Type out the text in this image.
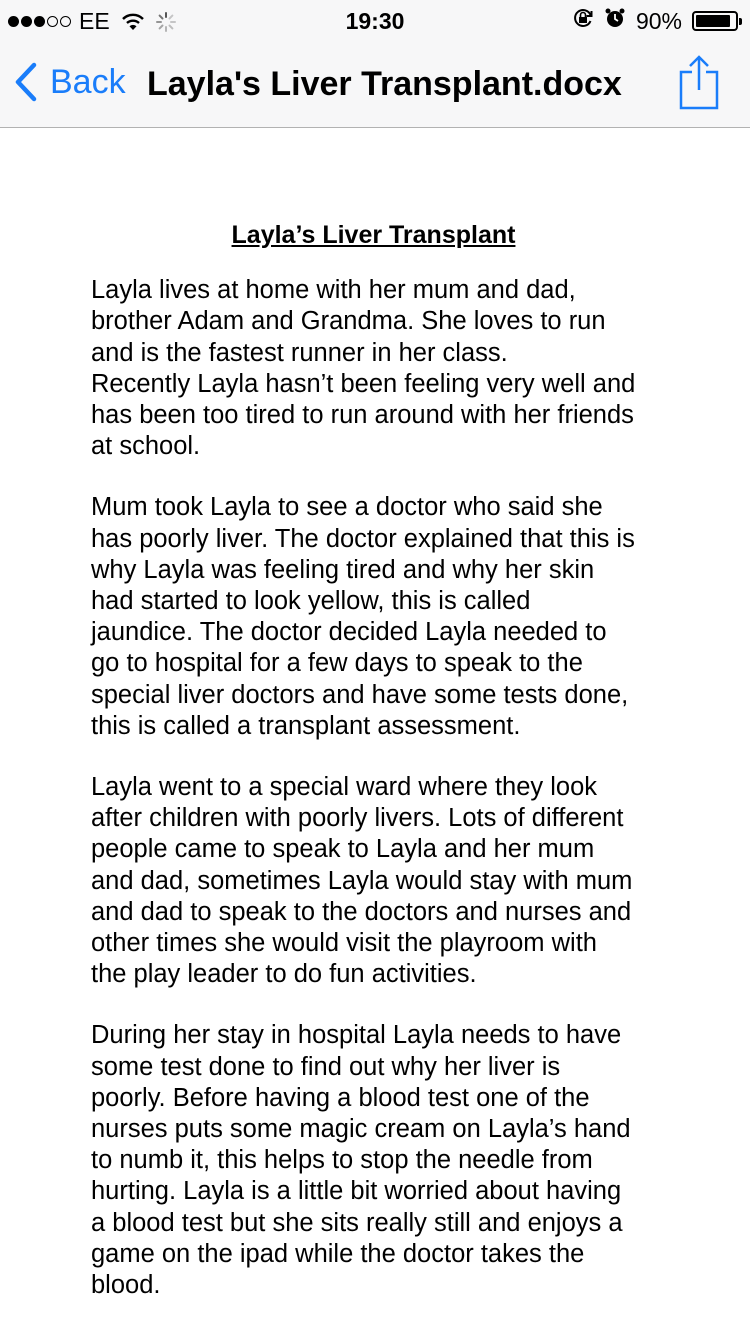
EE	19:30	90%
Back Layla's Liver Transplant.docx
Layla’s Liver Transplant

Layla lives at home with her mum and dad,
brother Adam and Grandma. She loves to run
and is the fastest runner in her class.
Recently Layla hasn’t been feeling very well and
has been too tired to run around with her friends
at school.

Mum took Layla to see a doctor who said she
has poorly liver. The doctor explained that this is
why Layla was feeling tired and why her skin
had started to look yellow, this is called
jaundice. The doctor decided Layla needed to
go to hospital for a few days to speak to the
special liver doctors and have some tests done,
this is called a transplant assessment.

Layla went to a special ward where they look
after children with poorly livers. Lots of different
people came to speak to Layla and her mum
and dad, sometimes Layla would stay with mum
and dad to speak to the doctors and nurses and
other times she would visit the playroom with
the play leader to do fun activities.

During her stay in hospital Layla needs to have
some test done to find out why her liver is
poorly. Before having a blood test one of the
nurses puts some magic cream on Layla’s hand
to numb it, this helps to stop the needle from
hurting. Layla is a little bit worried about having
a blood test but she sits really still and enjoys a
game on the ipad while the doctor takes the
blood.
